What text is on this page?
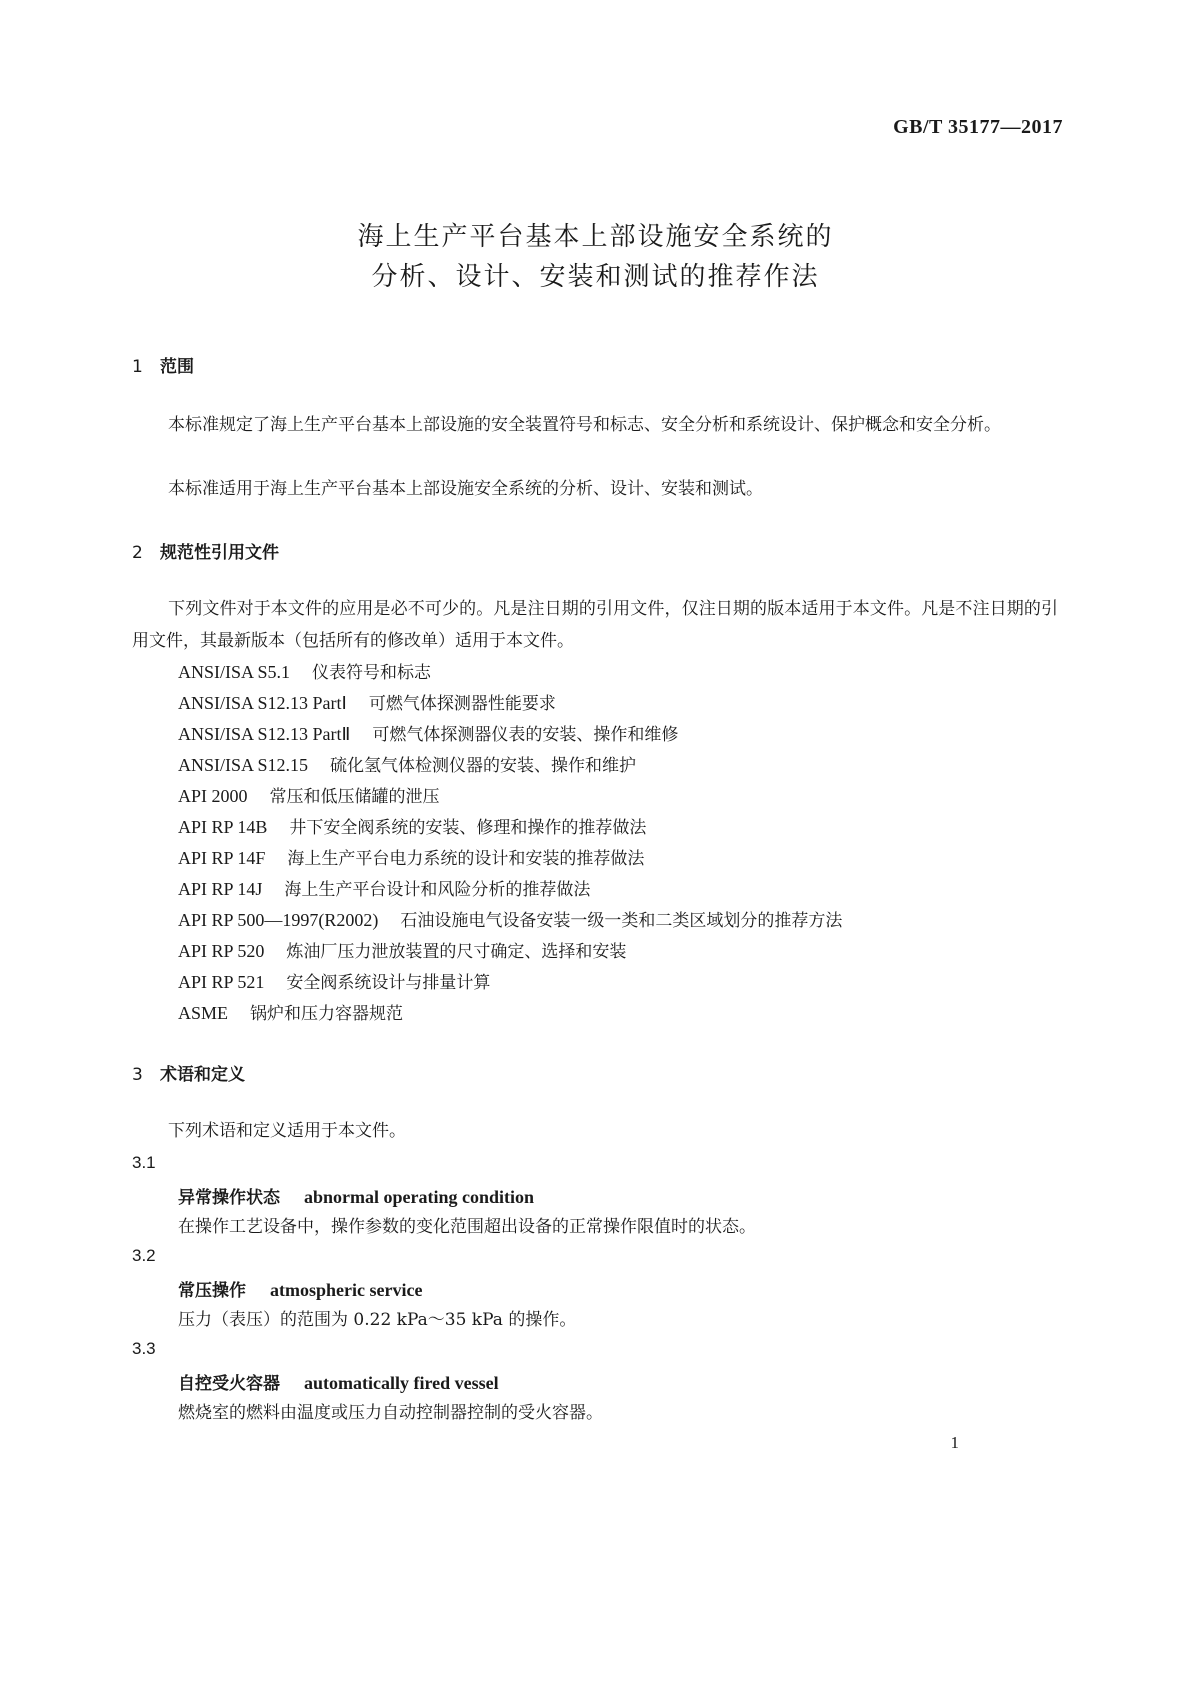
GB/T 35177—2017
海上生产平台基本上部设施安全系统的
分析、设计、安装和测试的推荐作法
1 范围
本标准规定了海上生产平台基本上部设施的安全装置符号和标志、安全分析和系统设计、保护概念和安全分析。
本标准适用于海上生产平台基本上部设施安全系统的分析、设计、安装和测试。
2 规范性引用文件
下列文件对于本文件的应用是必不可少的。凡是注日期的引用文件，仅注日期的版本适用于本文件。凡是不注日期的引用文件，其最新版本（包括所有的修改单）适用于本文件。
ANSI/ISA S5.1 仪表符号和标志
ANSI/ISA S12.13 PartⅠ 可燃气体探测器性能要求
ANSI/ISA S12.13 PartⅡ 可燃气体探测器仪表的安装、操作和维修
ANSI/ISA S12.15 硫化氢气体检测仪器的安装、操作和维护
API 2000 常压和低压储罐的泄压
API RP 14B 井下安全阀系统的安装、修理和操作的推荐做法
API RP 14F 海上生产平台电力系统的设计和安装的推荐做法
API RP 14J 海上生产平台设计和风险分析的推荐做法
API RP 500—1997(R2002) 石油设施电气设备安装一级一类和二类区域划分的推荐方法
API RP 520 炼油厂压力泄放装置的尺寸确定、选择和安装
API RP 521 安全阀系统设计与排量计算
ASME 锅炉和压力容器规范
3 术语和定义
下列术语和定义适用于本文件。
3.1
异常操作状态 abnormal operating condition
在操作工艺设备中，操作参数的变化范围超出设备的正常操作限值时的状态。
3.2
常压操作 atmospheric service
压力（表压）的范围为 0.22 kPa～35 kPa 的操作。
3.3
自控受火容器 automatically fired vessel
燃烧室的燃料由温度或压力自动控制器控制的受火容器。
1
